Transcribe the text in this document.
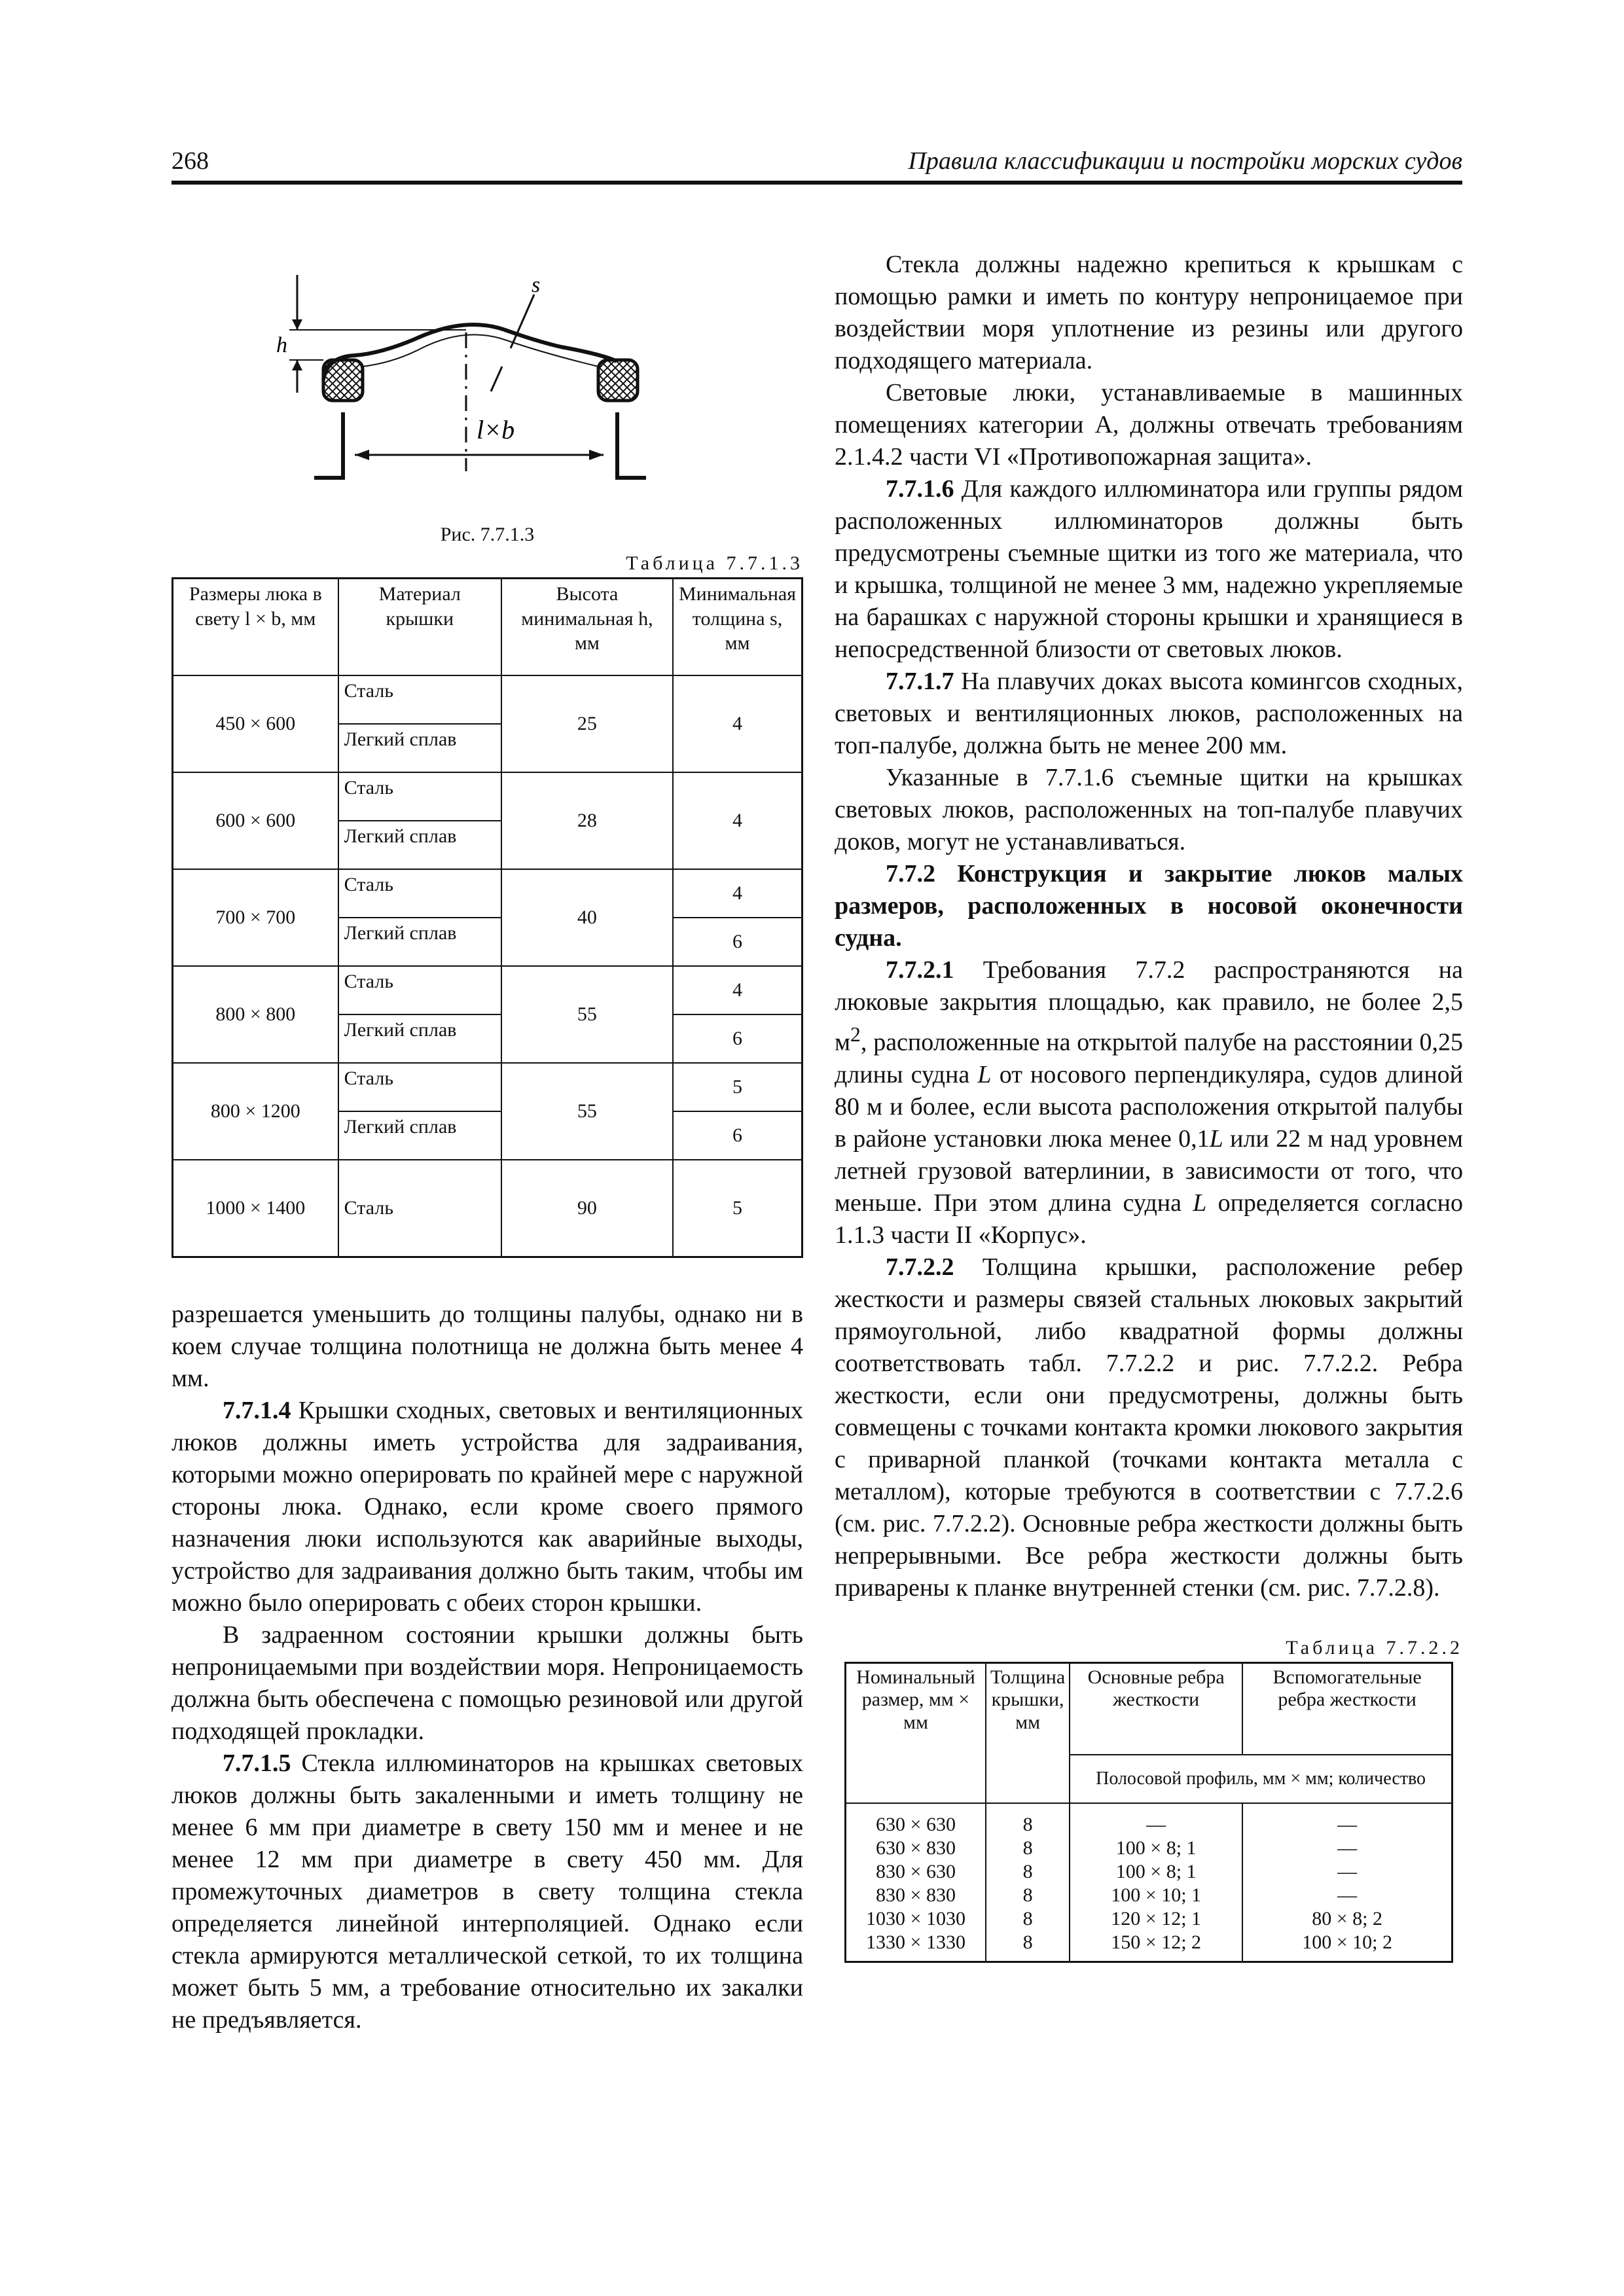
268	Правила классификации и постройки морских судов
h
s
l×b
Рис. 7.7.1.3
Таблица 7.7.1.3
Размеры люка в свету l × b, мм	Материал крышки	Высота минимальная h, мм	Минимальная толщина s, мм
450 × 600	Сталь	25	4
	Легкий сплав		
600 × 600	Сталь	28	4
	Легкий сплав		
700 × 700	Сталь	40	4
	Легкий сплав		6
800 × 800	Сталь	55	4
	Легкий сплав		6
800 × 1200	Сталь	55	5
	Легкий сплав		6
1000 × 1400	Сталь	90	5

разрешается уменьшить до толщины палубы, однако ни в коем случае толщина полотнища не должна быть менее 4 мм.

7.7.1.4 Крышки сходных, световых и вентиляционных люков должны иметь устройства для задраивания, которыми можно оперировать по крайней мере с наружной стороны люка. Однако, если кроме своего прямого назначения люки используются как аварийные выходы, устройство для задраивания должно быть таким, чтобы им можно было оперировать с обеих сторон крышки.

В задраенном состоянии крышки должны быть непроницаемыми при воздействии моря. Непроницаемость должна быть обеспечена с помощью резиновой или другой подходящей прокладки.

7.7.1.5 Стекла иллюминаторов на крышках световых люков должны быть закаленными и иметь толщину не менее 6 мм при диаметре в свету 150 мм и менее и не менее 12 мм при диаметре в свету 450 мм. Для промежуточных диаметров в свету толщина стекла определяется линейной интерполяцией. Однако если стекла армируются металлической сеткой, то их толщина может быть 5 мм, а требование относительно их закалки не предъявляется.

Стекла должны надежно крепиться к крышкам с помощью рамки и иметь по контуру непроницаемое при воздействии моря уплотнение из резины или другого подходящего материала.

Световые люки, устанавливаемые в машинных помещениях категории А, должны отвечать требованиям 2.1.4.2 части VI «Противопожарная защита».

7.7.1.6 Для каждого иллюминатора или группы рядом расположенных иллюминаторов должны быть предусмотрены съемные щитки из того же материала, что и крышка, толщиной не менее 3 мм, надежно укрепляемые на барашках с наружной стороны крышки и хранящиеся в непосредственной близости от световых люков.

7.7.1.7 На плавучих доках высота комингсов сходных, световых и вентиляционных люков, расположенных на топ-палубе, должна быть не менее 200 мм.

Указанные в 7.7.1.6 съемные щитки на крышках световых люков, расположенных на топ-палубе плавучих доков, могут не устанавливаться.

7.7.2 Конструкция и закрытие люков малых размеров, расположенных в носовой оконечности судна.

7.7.2.1 Требования 7.7.2 распространяются на люковые закрытия площадью, как правило, не более 2,5 $м^2$, расположенные на открытой палубе на расстоянии 0,25 длины судна L от носового перпендикуляра, судов длиной 80 м и более, если высота расположения открытой палубы в районе установки люка менее 0,1L или 22 м над уровнем летней грузовой ватерлинии, в зависимости от того, что меньше. При этом длина судна L определяется согласно 1.1.3 части II «Корпус».

7.7.2.2 Толщина крышки, расположение ребер жесткости и размеры связей стальных люковых закрытий прямоугольной, либо квадратной формы должны соответствовать табл. 7.7.2.2 и рис. 7.7.2.2. Ребра жесткости, если они предусмотрены, должны быть совмещены с точками контакта кромки люкового закрытия с приварной планкой (точками контакта металла с металлом), которые требуются в соответствии с 7.7.2.6 (см. рис. 7.7.2.2). Основные ребра жесткости должны быть непрерывными. Все ребра жесткости должны быть приварены к планке внутренней стенки (см. рис. 7.7.2.8).

Таблица 7.7.2.2
Номинальный размер, мм × мм	Толщина крышки, мм	Основные ребра жесткости	Вспомогательные ребра жесткости
		Полосовой профиль, мм × мм; количество	
630 × 630	8	—	—
630 × 830	8	100 × 8; 1	—
830 × 630	8	100 × 8; 1	—
830 × 830	8	100 × 10; 1	—
1030 × 1030	8	120 × 12; 1	80 × 8; 2
1330 × 1330	8	150 × 12; 2	100 × 10; 2
